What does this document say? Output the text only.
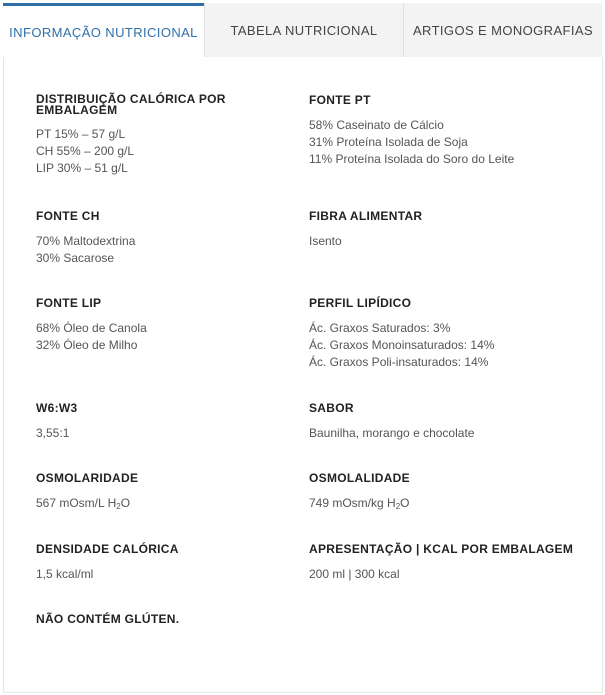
INFORMAÇÃO NUTRICIONAL	TABELA NUTRICIONAL	ARTIGOS E MONOGRAFIAS

DISTRIBUIÇÃO CALÓRICA POR EMBALAGEM

PT 15% – 57 g/L

CH 55% – 200 g/L

LIP 30% – 51 g/L

FONTE PT

58% Caseinato de Cálcio

31% Proteína Isolada de Soja

11% Proteína Isolada do Soro do Leite

FONTE CH

70% Maltodextrina

30% Sacarose

FIBRA ALIMENTAR

Isento

FONTE LIP

68% Óleo de Canola

32% Óleo de Milho

PERFIL LIPÍDICO

Ác. Graxos Saturados: 3%

Ác. Graxos Monoinsaturados: 14%

Ác. Graxos Poli-insaturados: 14%

W6:W3

3,55:1

SABOR

Baunilha, morango e chocolate

OSMOLARIDADE

567 mOsm/L $H_2O$

OSMOLALIDADE

749 mOsm/kg $H_2O$

DENSIDADE CALÓRICA

1,5 kcal/ml

APRESENTAÇÃO | KCAL POR EMBALAGEM

200 ml | 300 kcal

NÃO CONTÉM GLÚTEN.
